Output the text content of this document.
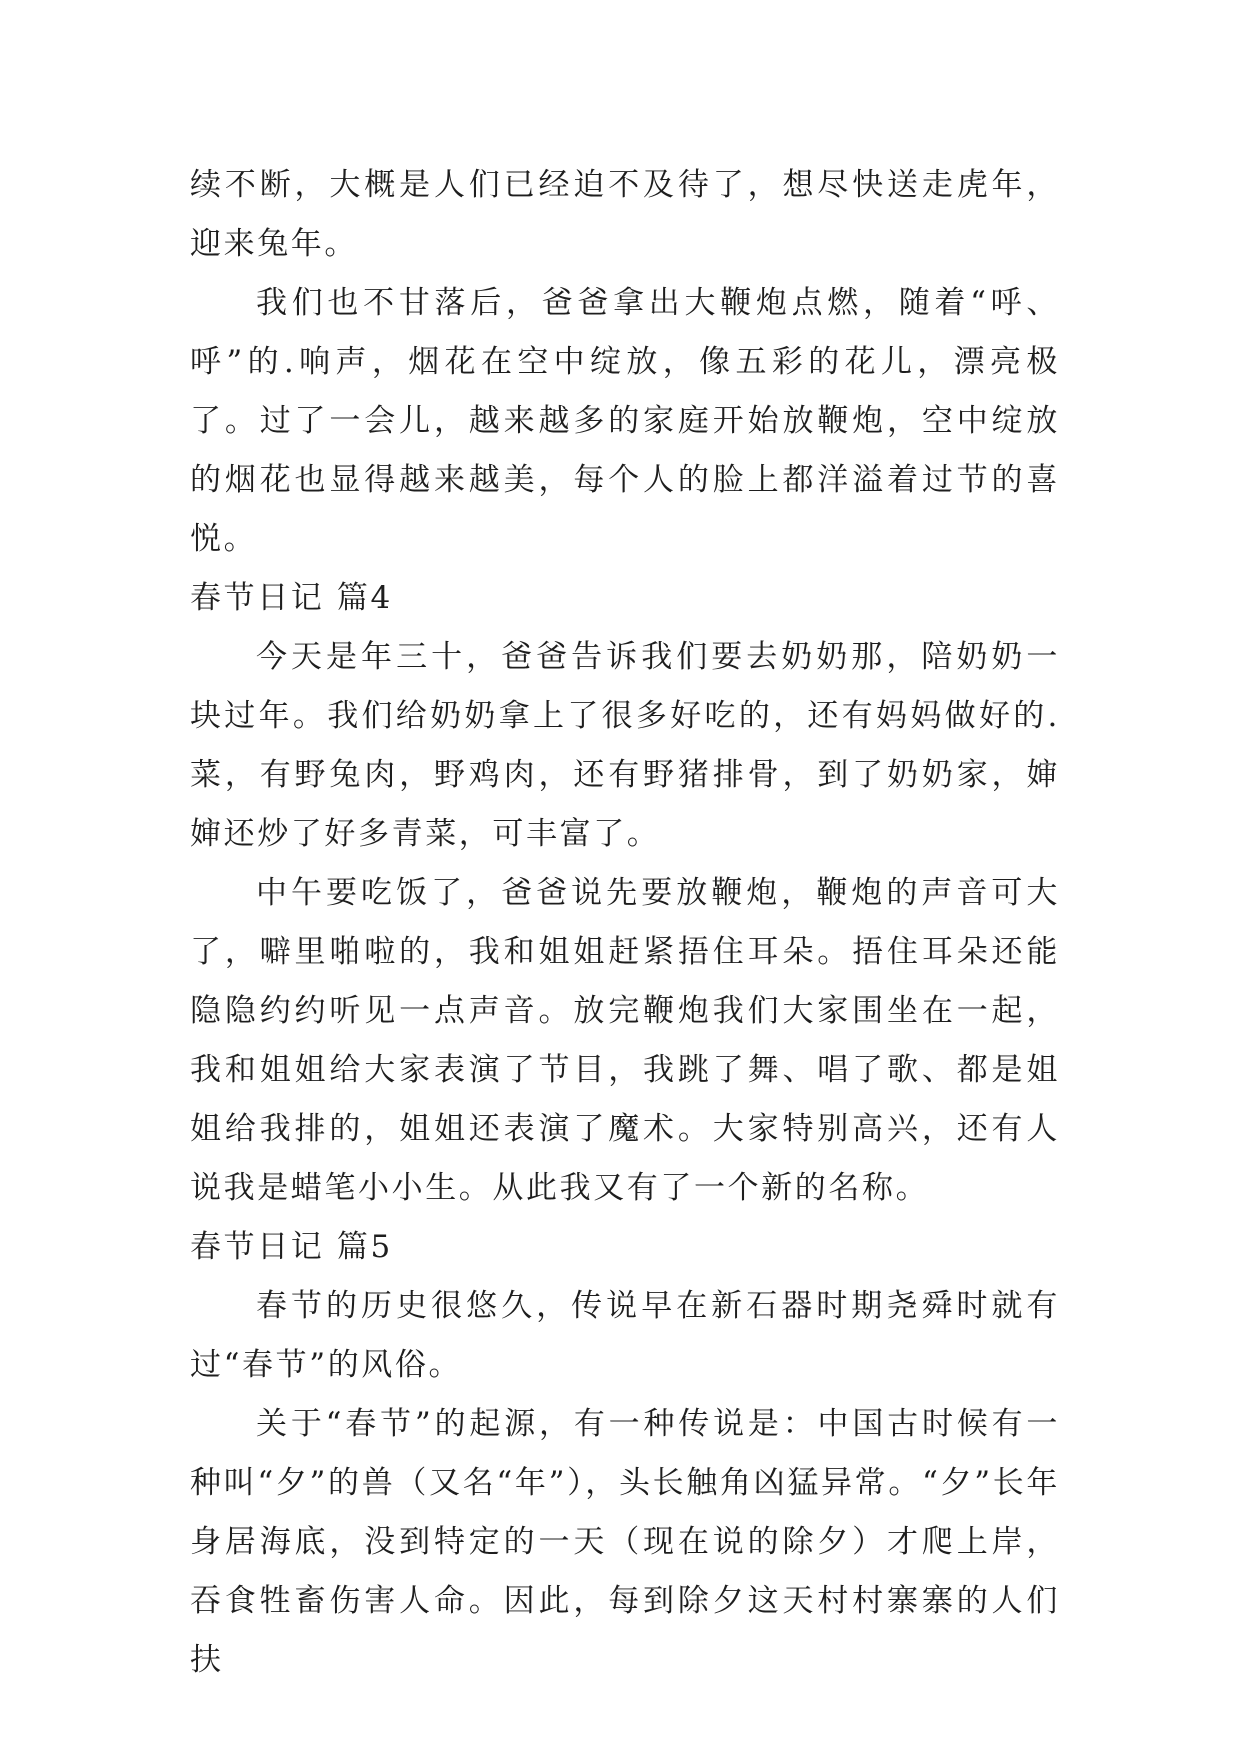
续不断，大概是人们已经迫不及待了，想尽快送走虎年，迎来兔年。

我们也不甘落后，爸爸拿出大鞭炮点燃，随着“呼、呼”的.响声，烟花在空中绽放，像五彩的花儿，漂亮极了。过了一会儿，越来越多的家庭开始放鞭炮，空中绽放的烟花也显得越来越美，每个人的脸上都洋溢着过节的喜悦。

春节日记 篇4

今天是年三十，爸爸告诉我们要去奶奶那，陪奶奶一块过年。我们给奶奶拿上了很多好吃的，还有妈妈做好的.菜，有野兔肉，野鸡肉，还有野猪排骨，到了奶奶家，婶婶还炒了好多青菜，可丰富了。

中午要吃饭了，爸爸说先要放鞭炮，鞭炮的声音可大了，噼里啪啦的，我和姐姐赶紧捂住耳朵。捂住耳朵还能隐隐约约听见一点声音。放完鞭炮我们大家围坐在一起，我和姐姐给大家表演了节目，我跳了舞、唱了歌、都是姐姐给我排的，姐姐还表演了魔术。大家特别高兴，还有人说我是蜡笔小小生。从此我又有了一个新的名称。

春节日记 篇5

春节的历史很悠久，传说早在新石器时期尧舜时就有过“春节”的风俗。

关于“春节”的起源，有一种传说是：中国古时候有一种叫“夕”的兽（又名“年”），头长触角凶猛异常。“夕”长年身居海底，没到特定的一天（现在说的除夕）才爬上岸，吞食牲畜伤害人命。因此，每到除夕这天村村寨寨的人们扶
